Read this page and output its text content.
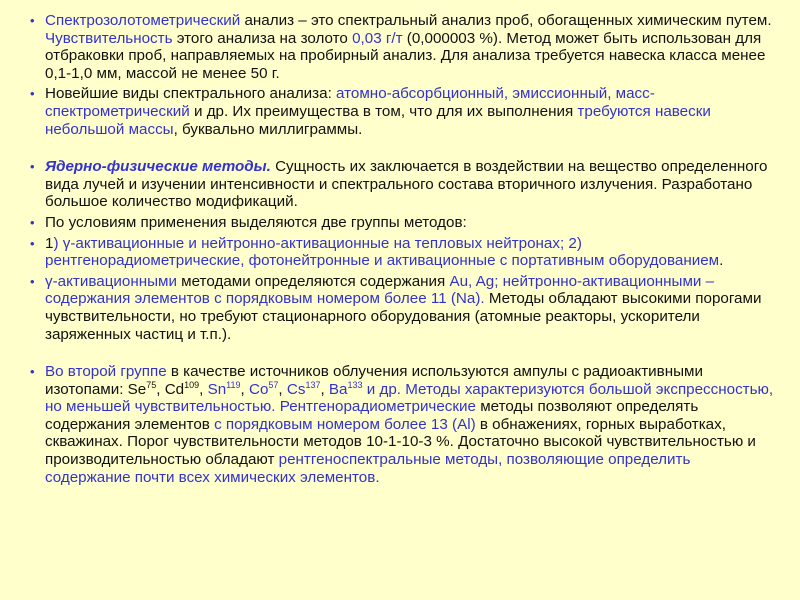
• Спектрозолотометрический анализ – это спектральный анализ проб, обогащенных химическим путем. Чувствительность этого анализа на золото 0,03 г/т (0,000003 %). Метод может быть использован для отбраковки проб, направляемых на пробирный анализ. Для анализа требуется навеска класса менее 0,1-1,0 мм, массой не менее 50 г.
• Новейшие виды спектрального анализа: атомно-абсорбционный, эмиссионный, масс-спектрометрический и др. Их преимущества в том, что для их выполнения требуются навески небольшой массы, буквально миллиграммы.
• Ядерно-физические методы. Сущность их заключается в воздействии на вещество определенного вида лучей и изучении интенсивности и спектрального состава вторичного излучения. Разработано большое количество модификаций.
• По условиям применения выделяются две группы методов:
• 1) γ-активационные и нейтронно-активационные на тепловых нейтронах; 2) рентгенорадиометрические, фотонейтронные и активационные с портативным оборудованием.
• γ-активационными методами определяются содержания Au, Ag; нейтронно-активационными – содержания элементов с порядковым номером более 11 (Na). Методы обладают высокими порогами чувствительности, но требуют стационарного оборудования (атомные реакторы, ускорители заряженных частиц и т.п.).
• Во второй группе в качестве источников облучения используются ампулы с радиоактивными изотопами: Se$^{75}$, Cd$^{109}$, Sn$^{119}$, Co$^{57}$, Cs$^{137}$, Ba$^{133}$ и др. Методы характеризуются большой экспрессностью, но меньшей чувствительностью. Рентгенорадиометрические методы позволяют определять содержания элементов с порядковым номером более 13 (Al) в обнажениях, горных выработках, скважинах. Порог чувствительности методов 10-1-10-3 %. Достаточно высокой чувствительностью и производительностью обладают рентгеноспектральные методы, позволяющие определить содержание почти всех химических элементов.
